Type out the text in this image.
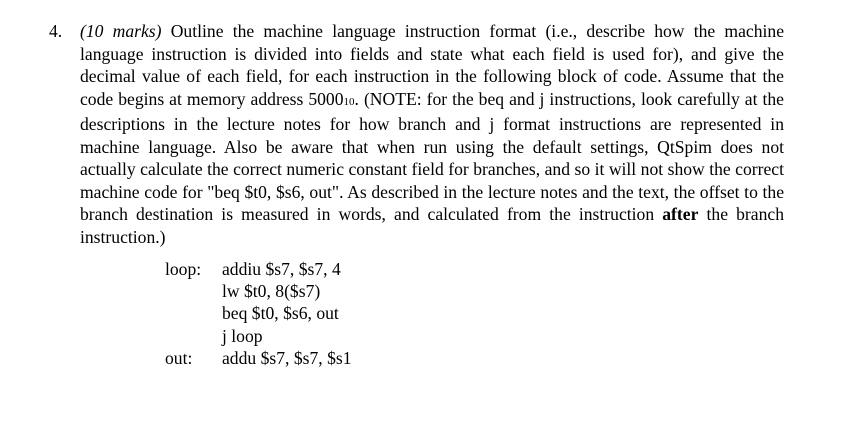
4. (10 marks) Outline the machine language instruction format (i.e., describe how the machine language instruction is divided into fields and state what each field is used for), and give the decimal value of each field, for each instruction in the following block of code. Assume that the code begins at memory address 500010. (NOTE: for the beq and j instructions, look carefully at the descriptions in the lecture notes for how branch and j format instructions are represented in machine language. Also be aware that when run using the default settings, QtSpim does not actually calculate the correct numeric constant field for branches, and so it will not show the correct machine code for "beq $t0, $s6, out". As described in the lecture notes and the text, the offset to the branch destination is measured in words, and calculated from the instruction after the branch instruction.)
loop:	addiu $s7, $s7, 4
lw $t0, 8($s7)
beq $t0, $s6, out
j loop
out:	addu $s7, $s7, $s1
